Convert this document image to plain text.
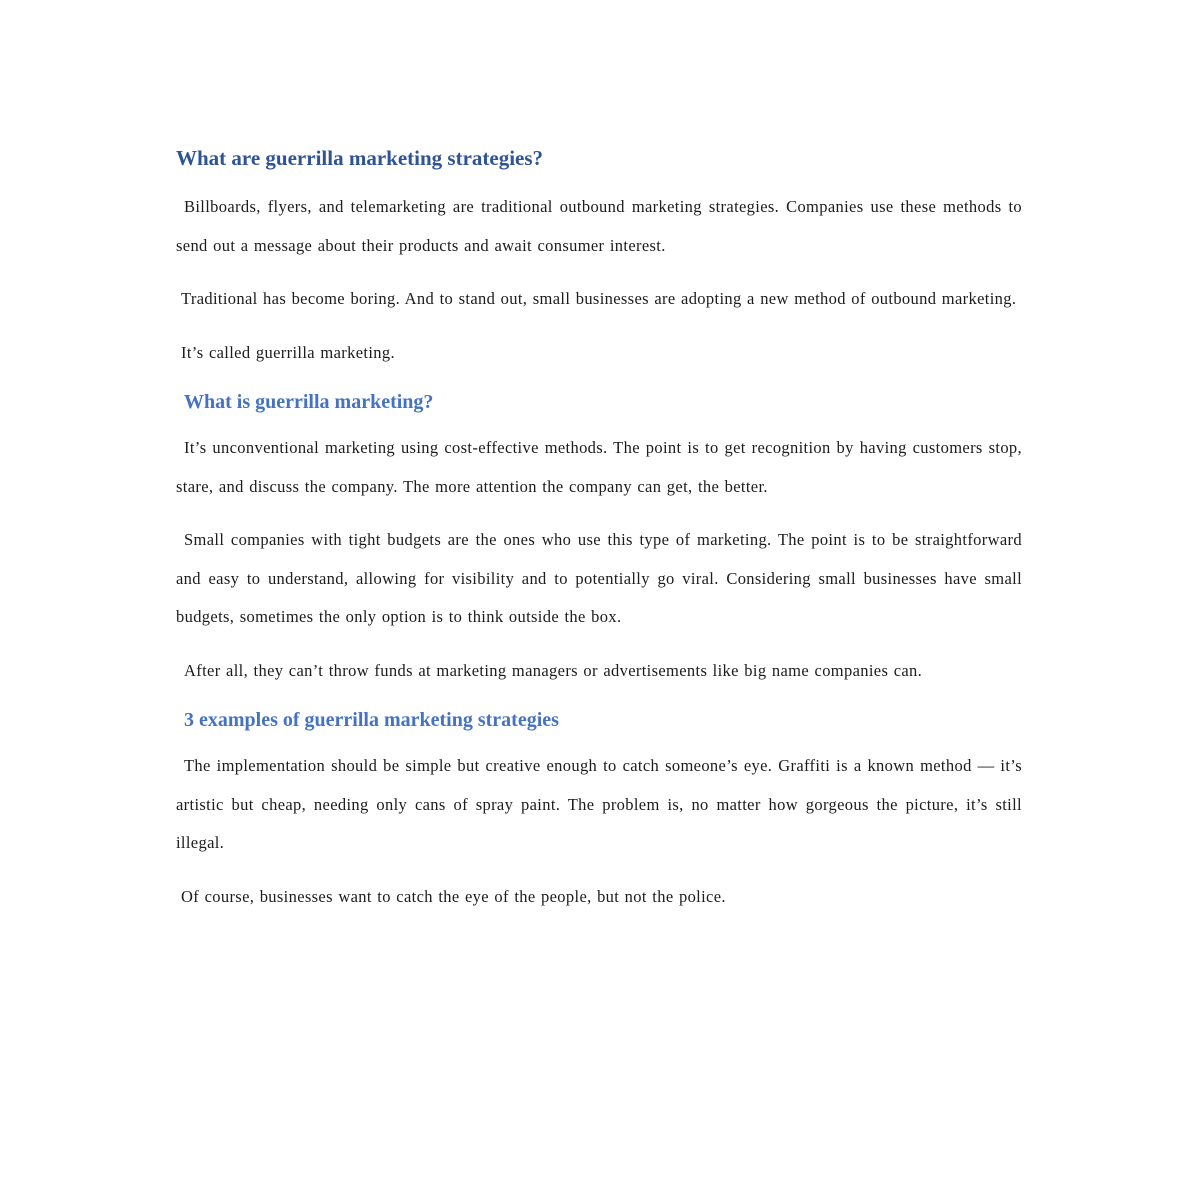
What are guerrilla marketing strategies?

Billboards, flyers, and telemarketing are traditional outbound marketing strategies. Companies use these methods to send out a message about their products and await consumer interest.

Traditional has become boring. And to stand out, small businesses are adopting a new method of outbound marketing.

It’s called guerrilla marketing.

What is guerrilla marketing?

It’s unconventional marketing using cost-effective methods. The point is to get recognition by having customers stop, stare, and discuss the company. The more attention the company can get, the better.

Small companies with tight budgets are the ones who use this type of marketing. The point is to be straightforward and easy to understand, allowing for visibility and to potentially go viral. Considering small businesses have small budgets, sometimes the only option is to think outside the box.

After all, they can’t throw funds at marketing managers or advertisements like big name companies can.

3 examples of guerrilla marketing strategies

The implementation should be simple but creative enough to catch someone’s eye. Graffiti is a known method — it’s artistic but cheap, needing only cans of spray paint. The problem is, no matter how gorgeous the picture, it’s still illegal.

Of course, businesses want to catch the eye of the people, but not the police.
